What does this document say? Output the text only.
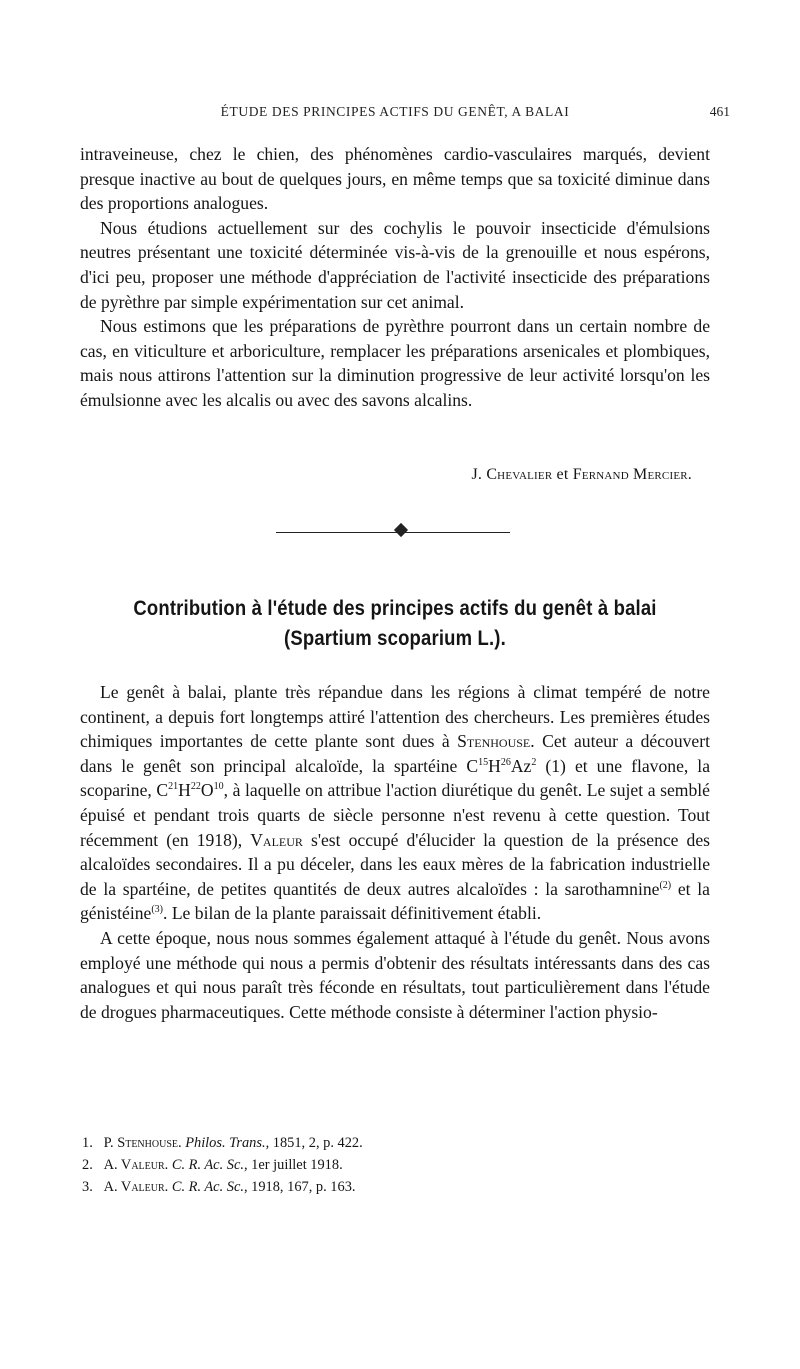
ÉTUDE DES PRINCIPES ACTIFS DU GENÊT, A BALAI	461

intraveineuse, chez le chien, des phénomènes cardio-vasculaires marqués, devient presque inactive au bout de quelques jours, en même temps que sa toxicité diminue dans des proportions analogues.

Nous étudions actuellement sur des cochylis le pouvoir insecticide d'émulsions neutres présentant une toxicité déterminée vis-à-vis de la grenouille et nous espérons, d'ici peu, proposer une méthode d'appréciation de l'activité insecticide des préparations de pyrèthre par simple expérimentation sur cet animal.

Nous estimons que les préparations de pyrèthre pourront dans un certain nombre de cas, en viticulture et arboriculture, remplacer les préparations arsenicales et plombiques, mais nous attirons l'attention sur la diminution progressive de leur activité lorsqu'on les émulsionne avec les alcalis ou avec des savons alcalins.

J. Chevalier et Fernand Mercier.
Contribution à l'étude des principes actifs du genêt à balai
(Spartium scoparium L.).

Le genêt à balai, plante très répandue dans les régions à climat tempéré de notre continent, a depuis fort longtemps attiré l'attention des chercheurs. Les premières études chimiques importantes de cette plante sont dues à Stenhouse. Cet auteur a découvert dans le genêt son principal alcaloïde, la spartéine $C^{15}H^{26}Az^2$ (1) et une flavone, la scoparine, $C^{21}H^{22}O^{10}$, à laquelle on attribue l'action diurétique du genêt. Le sujet a semblé épuisé et pendant trois quarts de siècle personne n'est revenu à cette question. Tout récemment (en 1918), Valeur s'est occupé d'élucider la question de la présence des alcaloïdes secondaires. Il a pu déceler, dans les eaux mères de la fabrication industrielle de la spartéine, de petites quantités de deux autres alcaloïdes : la sarothamnine$^{(2)}$ et la génistéine$^{(3)}$. Le bilan de la plante paraissait définitivement établi.

A cette époque, nous nous sommes également attaqué à l'étude du genêt. Nous avons employé une méthode qui nous a permis d'obtenir des résultats intéressants dans des cas analogues et qui nous paraît très féconde en résultats, tout particulièrement dans l'étude de drogues pharmaceutiques. Cette méthode consiste à déterminer l'action physio-

1. P. Stenhouse. Philos. Trans., 1851, 2, p. 422.
2. A. Valeur. C. R. Ac. Sc., 1er juillet 1918.
3. A. Valeur. C. R. Ac. Sc., 1918, 167, p. 163.
